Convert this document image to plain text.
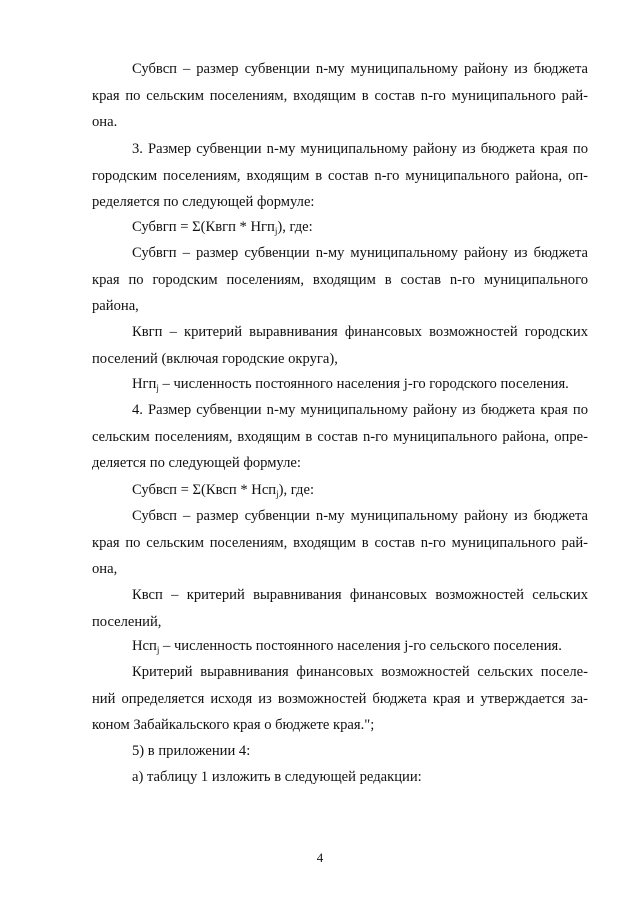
Субвсп – размер субвенции n-му муниципальному району из бюджета
края по сельским поселениям, входящим в состав n-го муниципального рай-
она.
3. Размер субвенции n-му муниципальному району из бюджета края по
городским поселениям, входящим в состав n-го муниципального района, оп-
ределяется по следующей формуле:
Субвгп = Σ(Квгп * Нгп$_j$), где:
Субвгп – размер субвенции n-му муниципальному району из бюджета
края по городским поселениям, входящим в состав n-го муниципального
района,
Квгп – критерий выравнивания финансовых возможностей городских
поселений (включая городские округа),
Нгп$_j$ – численность постоянного населения j-го городского поселения.
4. Размер субвенции n-му муниципальному району из бюджета края по
сельским поселениям, входящим в состав n-го муниципального района, опре-
деляется по следующей формуле:
Субвсп = Σ(Квсп * Нсп$_j$), где:
Субвсп – размер субвенции n-му муниципальному району из бюджета
края по сельским поселениям, входящим в состав n-го муниципального рай-
она,
Квсп – критерий выравнивания финансовых возможностей сельских
поселений,
Нсп$_j$ – численность постоянного населения j-го сельского поселения.
Критерий выравнивания финансовых возможностей сельских поселе-
ний определяется исходя из возможностей бюджета края и утверждается за-
коном Забайкальского края о бюджете края.";
5) в приложении 4:
а) таблицу 1 изложить в следующей редакции:
4
